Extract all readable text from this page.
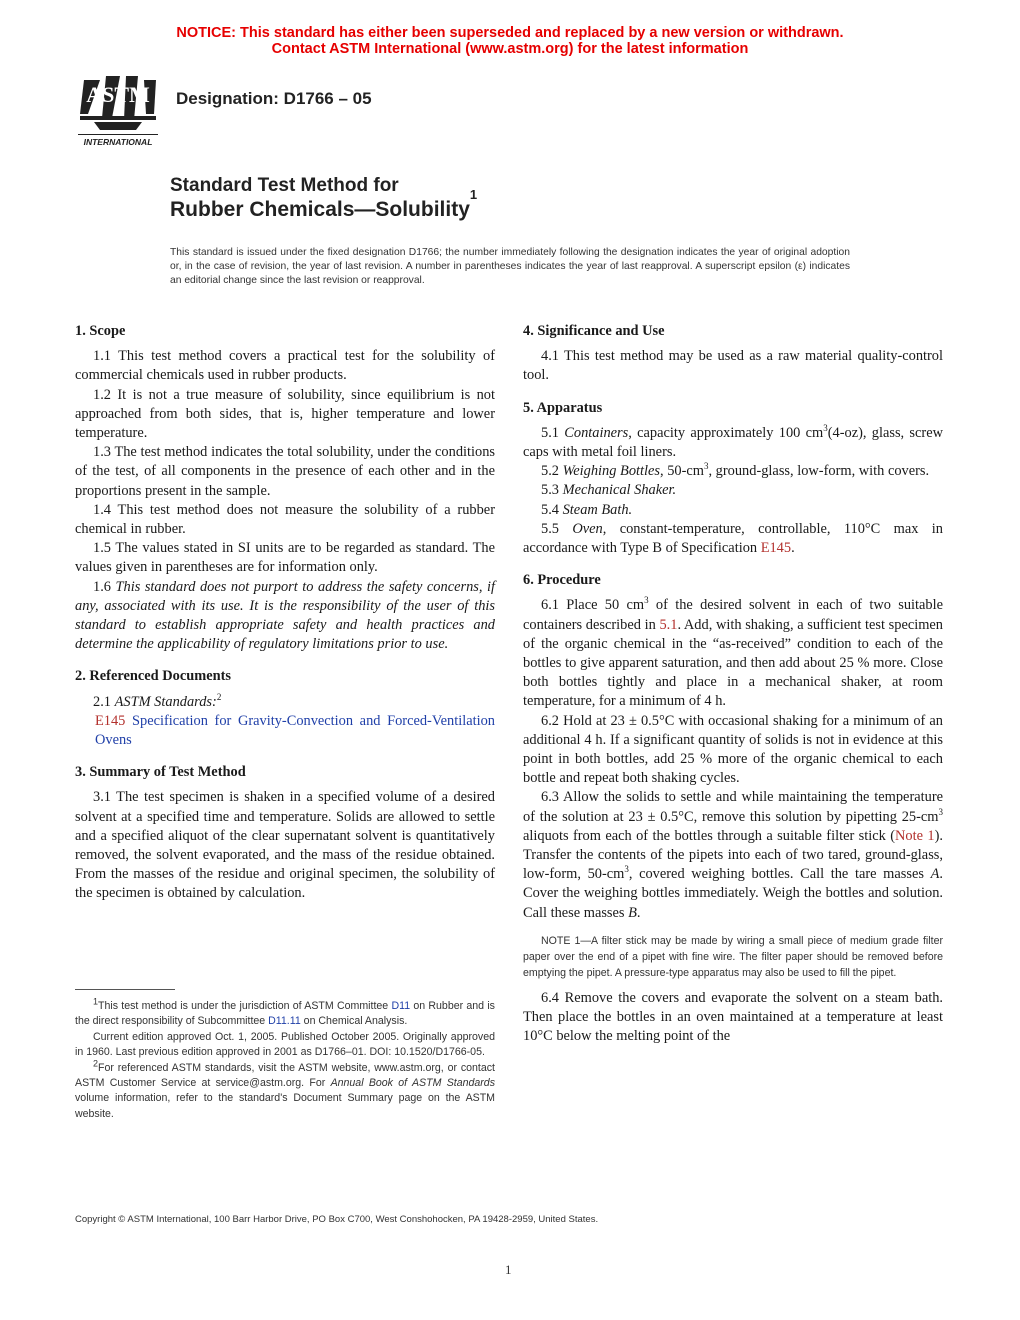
NOTICE: This standard has either been superseded and replaced by a new version or withdrawn.
Contact ASTM International (www.astm.org) for the latest information
ASTM
INTERNATIONAL
Designation: D1766 – 05
Standard Test Method for
Rubber Chemicals—Solubility$^1$
This standard is issued under the fixed designation D1766; the number immediately following the designation indicates the year of original adoption or, in the case of revision, the year of last revision. A number in parentheses indicates the year of last reapproval. A superscript epsilon (ε) indicates an editorial change since the last revision or reapproval.
1. Scope

1.1 This test method covers a practical test for the solubility of commercial chemicals used in rubber products.

1.2 It is not a true measure of solubility, since equilibrium is not approached from both sides, that is, higher temperature and lower temperature.

1.3 The test method indicates the total solubility, under the conditions of the test, of all components in the presence of each other and in the proportions present in the sample.

1.4 This test method does not measure the solubility of a rubber chemical in rubber.

1.5 The values stated in SI units are to be regarded as standard. The values given in parentheses are for information only.

1.6 This standard does not purport to address the safety concerns, if any, associated with its use. It is the responsibility of the user of this standard to establish appropriate safety and health practices and determine the applicability of regulatory limitations prior to use.

2. Referenced Documents

2.1 ASTM Standards:$^2$

E145 Specification for Gravity-Convection and Forced-Ventilation Ovens

3. Summary of Test Method

3.1 The test specimen is shaken in a specified volume of a desired solvent at a specified time and temperature. Solids are allowed to settle and a specified aliquot of the clear supernatant solvent is quantitatively removed, the solvent evaporated, and the mass of the residue obtained. From the masses of the residue and original specimen, the solubility of the specimen is obtained by calculation.

$^1$This test method is under the jurisdiction of ASTM Committee D11 on Rubber and is the direct responsibility of Subcommittee D11.11 on Chemical Analysis.

Current edition approved Oct. 1, 2005. Published October 2005. Originally approved in 1960. Last previous edition approved in 2001 as D1766–01. DOI: 10.1520/D1766-05.

$^2$For referenced ASTM standards, visit the ASTM website, www.astm.org, or contact ASTM Customer Service at service@astm.org. For Annual Book of ASTM Standards volume information, refer to the standard's Document Summary page on the ASTM website.

4. Significance and Use

4.1 This test method may be used as a raw material quality-control tool.

5. Apparatus

5.1 Containers, capacity approximately 100 $cm^3(4-oz)$, glass, screw caps with metal foil liners.

5.2 Weighing Bottles, $50-cm^3$, ground-glass, low-form, with covers.

5.3 Mechanical Shaker.

5.4 Steam Bath.

5.5 Oven, constant-temperature, controllable, 110°C max in accordance with Type B of Specification E145.

6. Procedure

6.1 Place 50 $cm^3$ of the desired solvent in each of two suitable containers described in 5.1. Add, with shaking, a sufficient test specimen of the organic chemical in the “as-received” condition to each of the bottles to give apparent saturation, and then add about 25 % more. Close both bottles tightly and place in a mechanical shaker, at room temperature, for a minimum of 4 h.

6.2 Hold at 23 ± 0.5°C with occasional shaking for a minimum of an additional 4 h. If a significant quantity of solids is not in evidence at this point in both bottles, add 25 % more of the organic chemical to each bottle and repeat both shaking cycles.

6.3 Allow the solids to settle and while maintaining the temperature of the solution at 23 ± 0.5°C, remove this solution by pipetting $25-cm^3$ aliquots from each of the bottles through a suitable filter stick (Note 1). Transfer the contents of the pipets into each of two tared, ground-glass, low-form, $50-cm^3$, covered weighing bottles. Call the tare masses A. Cover the weighing bottles immediately. Weigh the bottles and solution. Call these masses B.

NOTE 1—A filter stick may be made by wiring a small piece of medium grade filter paper over the end of a pipet with fine wire. The filter paper should be removed before emptying the pipet. A pressure-type apparatus may also be used to fill the pipet.

6.4 Remove the covers and evaporate the solvent on a steam bath. Then place the bottles in an oven maintained at a temperature at least 10°C below the melting point of the

Copyright © ASTM International, 100 Barr Harbor Drive, PO Box C700, West Conshohocken, PA 19428-2959, United States.
1
